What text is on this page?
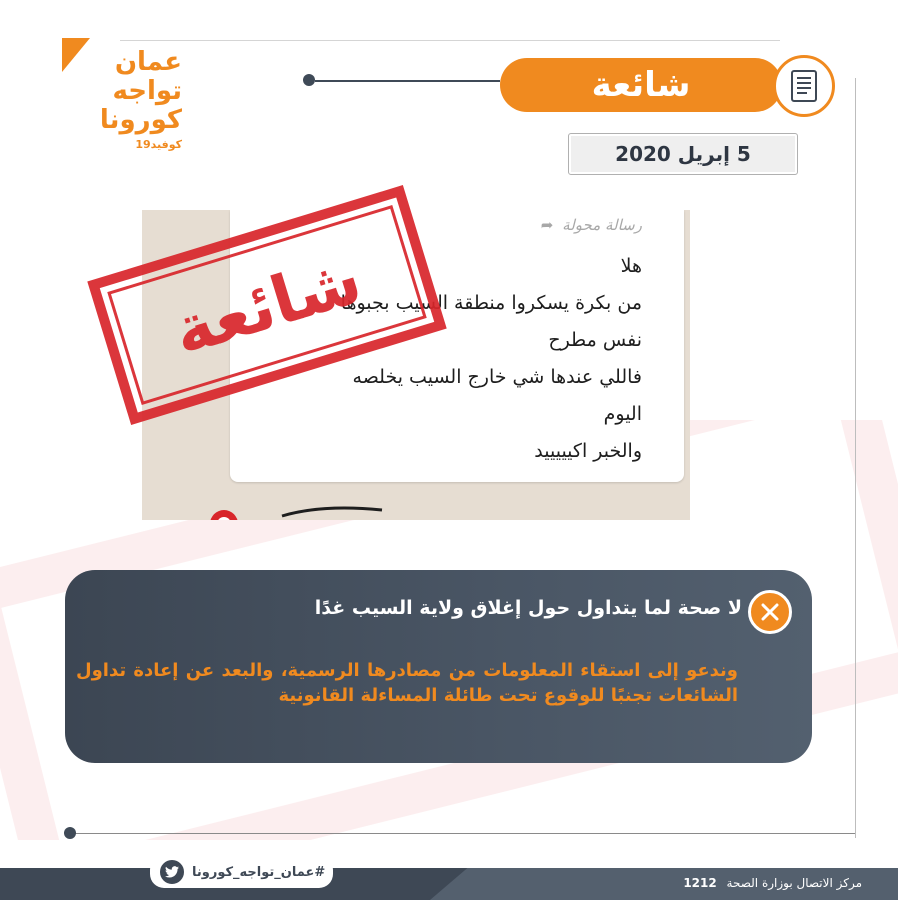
عمان
تواجه
كورونا
كوفيد19
شائعة
5 إبريل 2020
رسالة محولة ➦
هلا
من بكرة يسكروا منطقة السيب بجبوها
نفس مطرح
فاللي عندها شي خارج السيب يخلصه
اليوم
والخبر اكيييييد
شائعة
لا صحة لما يتداول حول إغلاق ولاية السيب غدًا
وندعو إلى استقاء المعلومات من مصادرها الرسمية، والبعد عن إعادة تداول الشائعات تجنبًا للوقوع تحت طائلة المساءلة القانونية
#عمان_تواجه_كورونا
مركز الاتصال بوزارة الصحة 1212
